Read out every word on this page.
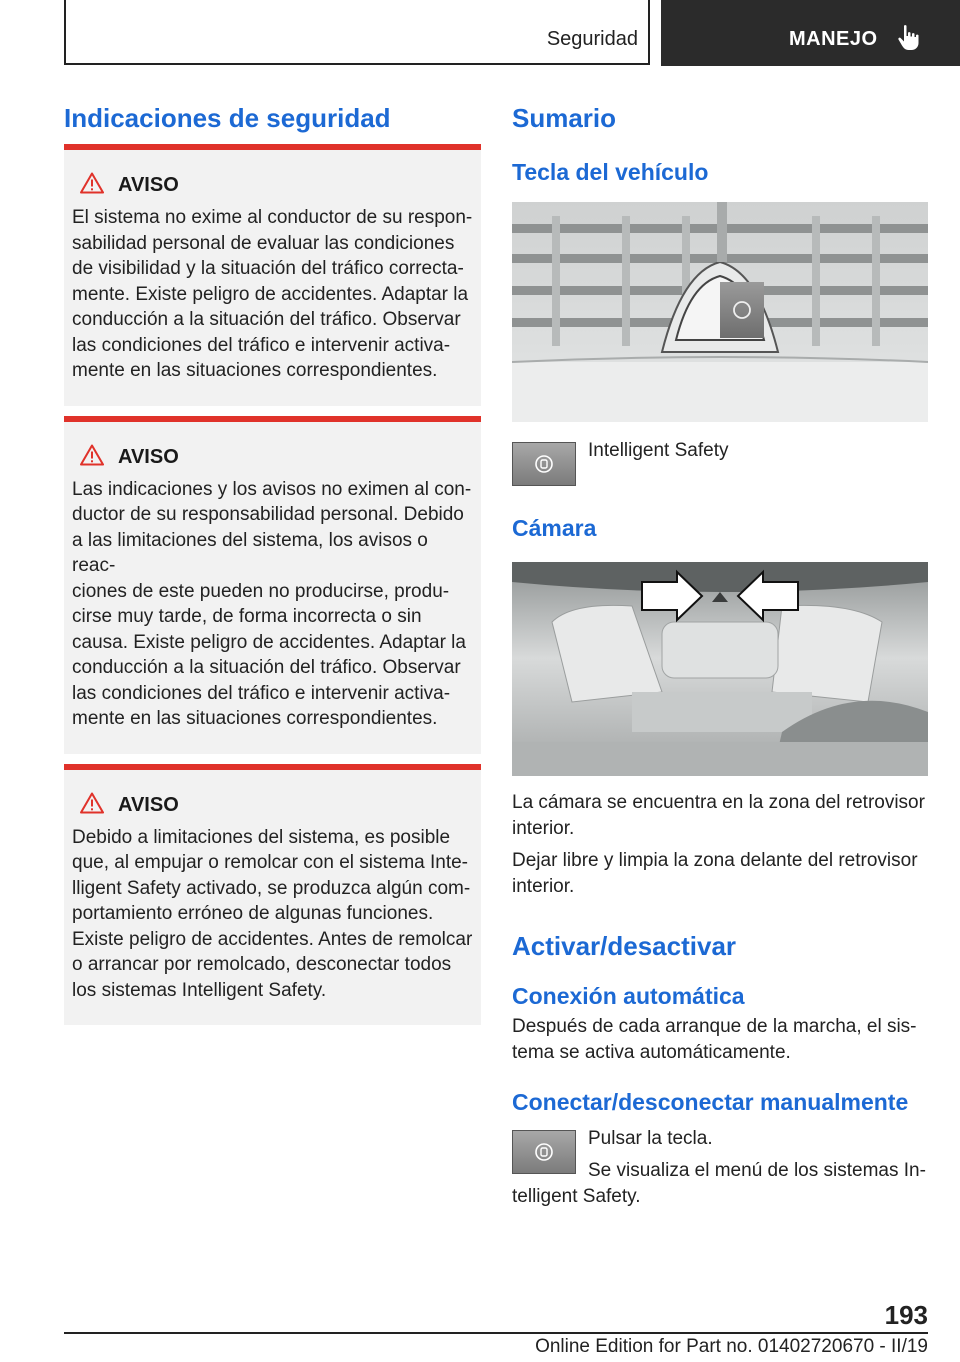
Seguridad	MANEJO
Indicaciones de seguridad
AVISO
El sistema no exime al conductor de su respon-
sabilidad personal de evaluar las condiciones
de visibilidad y la situación del tráfico correcta-
mente. Existe peligro de accidentes. Adaptar la
conducción a la situación del tráfico. Observar
las condiciones del tráfico e intervenir activa-
mente en las situaciones correspondientes.
AVISO
Las indicaciones y los avisos no eximen al con-
ductor de su responsabilidad personal. Debido
a las limitaciones del sistema, los avisos o reac-
ciones de este pueden no producirse, produ-
cirse muy tarde, de forma incorrecta o sin
causa. Existe peligro de accidentes. Adaptar la
conducción a la situación del tráfico. Observar
las condiciones del tráfico e intervenir activa-
mente en las situaciones correspondientes.
AVISO
Debido a limitaciones del sistema, es posible
que, al empujar o remolcar con el sistema Inte-
lligent Safety activado, se produzca algún com-
portamiento erróneo de algunas funciones.
Existe peligro de accidentes. Antes de remolcar
o arrancar por remolcado, desconectar todos
los sistemas Intelligent Safety.
Sumario
Tecla del vehículo
Intelligent Safety
Cámara
La cámara se encuentra en la zona del retrovisor
interior.
Dejar libre y limpia la zona delante del retrovisor
interior.
Activar/desactivar
Conexión automática
Después de cada arranque de la marcha, el sis-
tema se activa automáticamente.
Conectar/desconectar manualmente
Pulsar la tecla.
Se visualiza el menú de los sistemas In-
telligent Safety.
193
Online Edition for Part no. 01402720670 - II/19
